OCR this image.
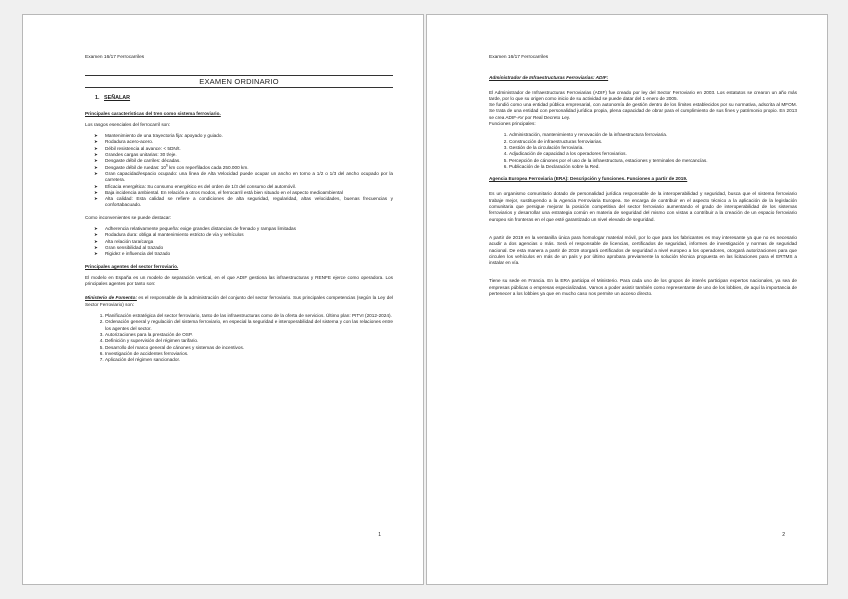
Examen 16/17 Ferrocarriles
EXAMEN ORDINARIO
1. SEÑALAR
Principales características del tren como sistema ferroviario.

Los rasgos esenciales del ferrocarril son:

➤ Mantenimiento de una trayectoria fija: apoyado y guiado.
➤ Rodadura acero-acero.
➤ Débil resistencia al avance: < 5DN/t.
➤ Grandes cargas unitarias: 30 t/eje.
➤ Desgaste débil de carriles: décadas.
➤ Desgaste débil de ruedas: $10^6$ km con reperfilados cada 250.000 km.
➤ Gran capacidad/espacio ocupado: una línea de Alta Velocidad puede ocupar un ancho en torno a 1/2 o 1/3 del ancho ocupado por la carretera.
➤ Eficacia energética: Su consumo energético es del orden de 1/3 del consumo del automóvil.
➤ Baja incidencia ambiental. En relación a otros modos, el ferrocarril está bien situado en el aspecto medioambiental
➤ Alta calidad: Esta calidad se refiere a condiciones de alta seguridad, regularidad, altas velocidades, buenas frecuencias y confortabacuado.

Como inconvenientes se puede destacar:

➤ Adherencia relativamente pequeña: exige grandes distancias de frenado y rampas limitadas
➤ Rodadura dura: obliga al mantenimiento estricto de vía y vehículos
➤ Alta relación tara/carga
➤ Gran sensibilidad al trazado
➤ Rigidez e influencia del trazado
Principales agentes del sector ferroviario.

El modelo en España es un modelo de separación vertical, en el que ADIF gestiona las infraestructuras y RENFE ejerce como operadora. Los principales agentes por tanto son:

Ministerio de Fomento: es el responsable de la administración del conjunto del sector ferroviario. Sus principales competencias (según la Ley del Sector Ferroviario) son:

1. Planificación estratégica del sector ferroviario, tanto de las infraestructuras como de la oferta de servicios. Último plan: PITVI (2012-2024).
2. Ordenación general y regulación del sistema ferroviario, en especial la seguridad e interoperabilidad del sistema y con las relaciones entre los agentes del sector.
3. Autorizaciones para la prestación de OSP.
4. Definición y supervisión del régimen tarifario.
5. Desarrollo del marco general de cánones y sistemas de incentivos.
6. Investigación de accidentes ferroviarios.
7. Aplicación del régimen sancionador.
1
Examen 16/17 Ferrocarriles
Administrador de Infraestructuras Ferroviarias: ADIF:

El Administrador de Infraestructuras Ferroviarias (ADIF) fue creado por ley del Sector Ferroviario en 2003. Los estatutos se crearon un año más tarde, por lo que su origen como inicio de su actividad se puede datar del 1 enero de 2005.

Se fundió como una entidad pública empresarial, con autonomía de gestión dentro de los límites establecidos por su normativa, adscrita al MFOM. Se trata de una entidad con personalidad jurídica propia, plena capacidad de obrar para el cumplimiento de sus fines y patrimonio propio. En 2013 se crea ADIF-AV por Real Decreto Ley.

Funciones principales:

1. Administración, mantenimiento y renovación de la infraestructura ferroviaria.
2. Construcción de infraestructuras ferroviarias.
3. Gestión de la circulación ferroviaria.
4. Adjudicación de capacidad a los operadores ferroviarios.
5. Percepción de cánones por el uso de la infraestructura, estaciones y terminales de mercancías.
6. Publicación de la Declaración sobre la Red.
Agencia Europea Ferroviaria (ERA): Descripción y funciones. Funciones a partir de 2019.

Es un organismo comunitario dotado de personalidad jurídica responsable de la interoperabilidad y seguridad, busca que el sistema ferroviario trabaje mejor, sustituyendo a la Agencia Ferroviaria Europea. Se encarga de contribuir en el aspecto técnico a la aplicación de la legislación comunitaria que persigue mejorar la posición competitiva del sector ferroviario aumentando el grado de interoperabilidad de los sistemas ferroviarios y desarrollar una estrategia común en materia de seguridad del mismo con vistas a contribuir a la creación de un espacio ferroviario europeo sin fronteras en el que esté garantizado un nivel elevado de seguridad.

A partir de 2019 en la ventanilla única para homologar material móvil, por lo que para los fabricantes es muy interesante ya que no es necesario acudir a dos agencias o más. Será el responsable de licencias, certificados de seguridad, informes de investigación y normas de seguridad nacional. De esta manera a partir de 2019 otorgará certificados de seguridad a nivel europeo a los operadores, otorgará autorizaciones para que circulen los vehículos en más de un país y por último aprobara previamente la solución técnica propuesta en las licitaciones para el ERTMS a instalar en vía.

Tiene su sede en Francia. En la ERA participa el Ministerio. Para cada uno de los grupos de interés participan expertos nacionales, ya sea de empresas públicas o empresas especializadas. Vamos a poder asistir también como representante de uno de los lobbies, de aquí la importancia de pertenecer a los lobbies ya que en mucho caso nos permite un acceso directo.

2
